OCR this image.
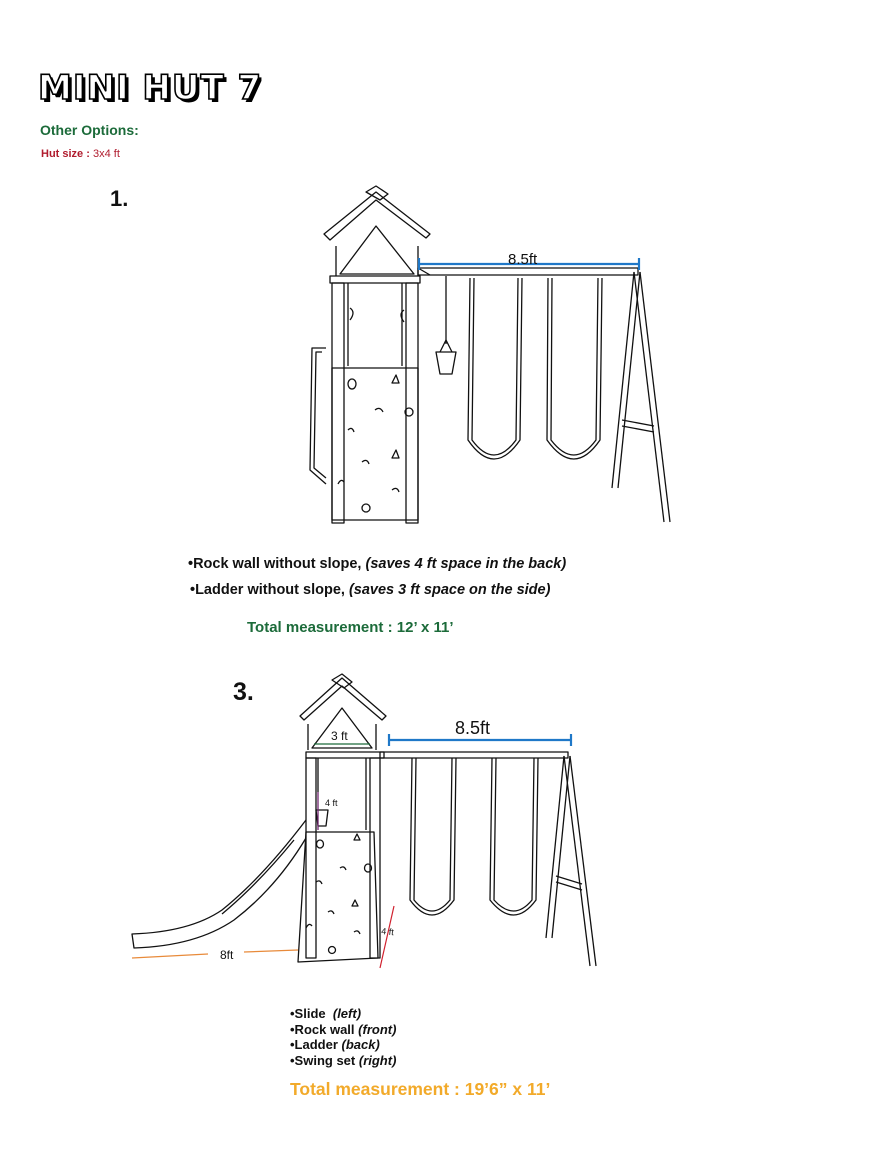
MINI HUT 7
Other Options:
Hut size : 3x4 ft
1.
8.5ft
•Rock wall without slope, (saves 4 ft space in the back)
•Ladder without slope, (saves 3 ft space on the side)
Total measurement : 12’ x 11’
3.
3 ft
4 ft
4 ft
8ft
8.5ft
•Slide (left)
•Rock wall (front)
•Ladder (back)
•Swing set (right)
Total measurement : 19’6” x 11’
